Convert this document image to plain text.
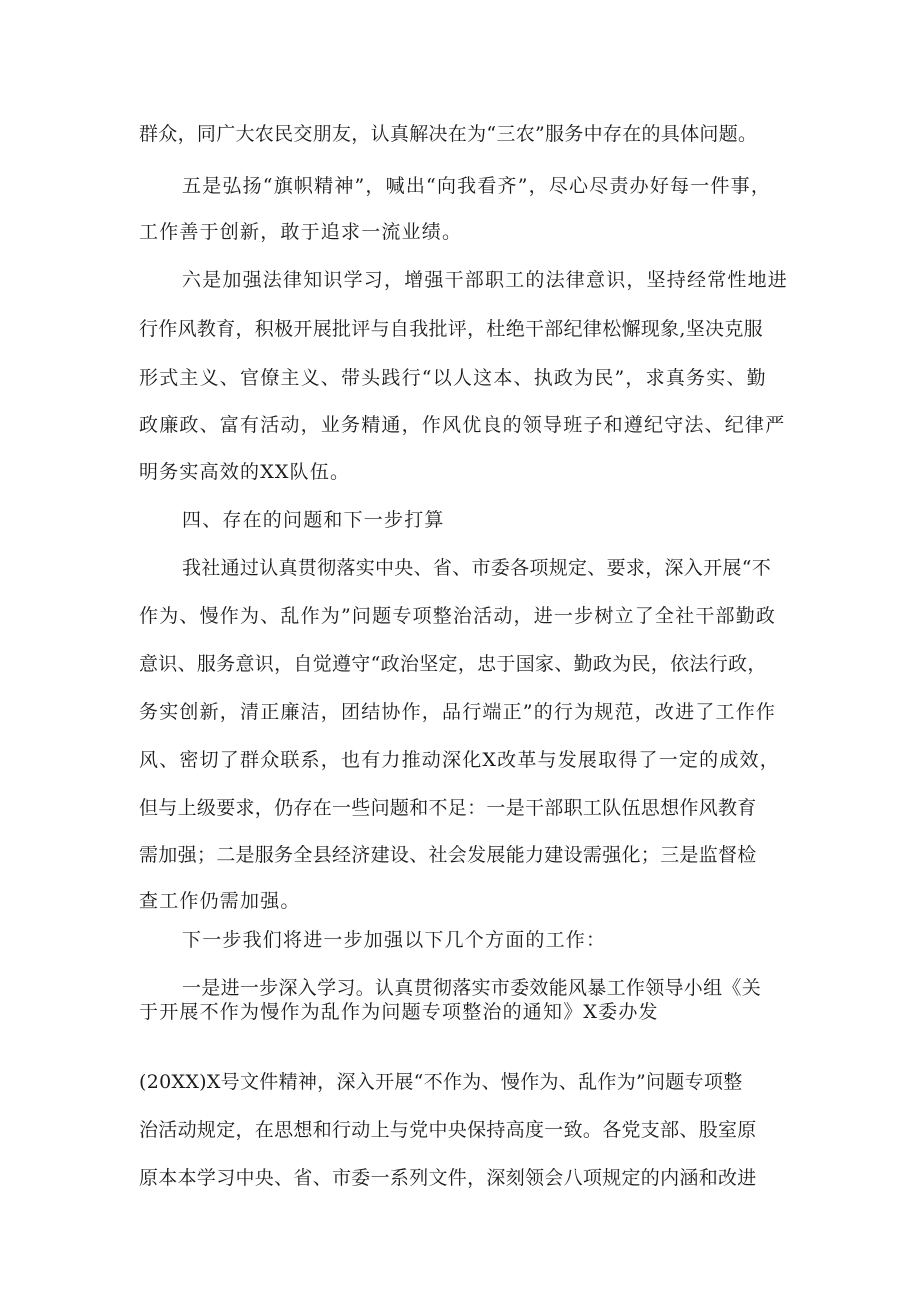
群众，同广大农民交朋友，认真解决在为“三农”服务中存在的具体问题。
五是弘扬“旗帜精神”，喊出“向我看齐”，尽心尽责办好每一件事，
工作善于创新，敢于追求一流业绩。
六是加强法律知识学习，增强干部职工的法律意识，坚持经常性地进
行作风教育，积极开展批评与自我批评，杜绝干部纪律松懈现象,坚决克服
形式主义、官僚主义、带头践行“以人这本、执政为民”，求真务实、勤
政廉政、富有活动，业务精通，作风优良的领导班子和遵纪守法、纪律严
明务实高效的XX队伍。
四、存在的问题和下一步打算
我社通过认真贯彻落实中央、省、市委各项规定、要求，深入开展“不
作为、慢作为、乱作为”问题专项整治活动，进一步树立了全社干部勤政
意识、服务意识，自觉遵守“政治坚定，忠于国家、勤政为民，依法行政，
务实创新，清正廉洁，团结协作，品行端正”的行为规范，改进了工作作
风、密切了群众联系，也有力推动深化X改革与发展取得了一定的成效，
但与上级要求，仍存在一些问题和不足：一是干部职工队伍思想作风教育
需加强；二是服务全县经济建设、社会发展能力建设需强化；三是监督检
查工作仍需加强。
下一步我们将进一步加强以下几个方面的工作：
一是进一步深入学习。认真贯彻落实市委效能风暴工作领导小组《关
于开展不作为慢作为乱作为问题专项整治的通知》X委办发
(20XX)X号文件精神，深入开展“不作为、慢作为、乱作为”问题专项整
治活动规定，在思想和行动上与党中央保持高度一致。各党支部、股室原
原本本学习中央、省、市委一系列文件，深刻领会八项规定的内涵和改进
